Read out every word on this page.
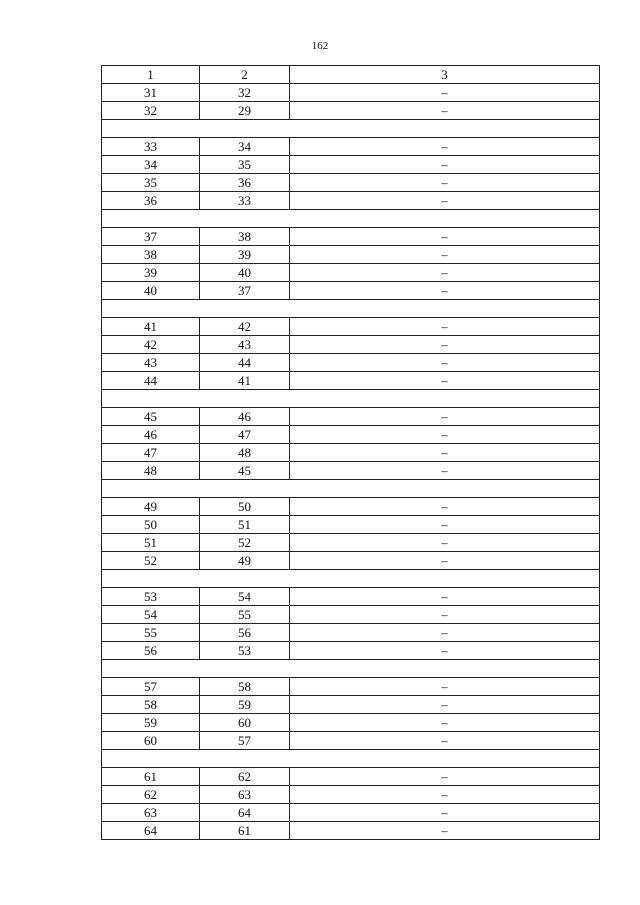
162
1	2	3
31	32	–
32	29	–

33	34	–
34	35	–
35	36	–
36	33	–

37	38	–
38	39	–
39	40	–
40	37	–

41	42	–
42	43	–
43	44	–
44	41	–

45	46	–
46	47	–
47	48	–
48	45	–

49	50	–
50	51	–
51	52	–
52	49	–

53	54	–
54	55	–
55	56	–
56	53	–

57	58	–
58	59	–
59	60	–
60	57	–

61	62	–
62	63	–
63	64	–
64	61	–
